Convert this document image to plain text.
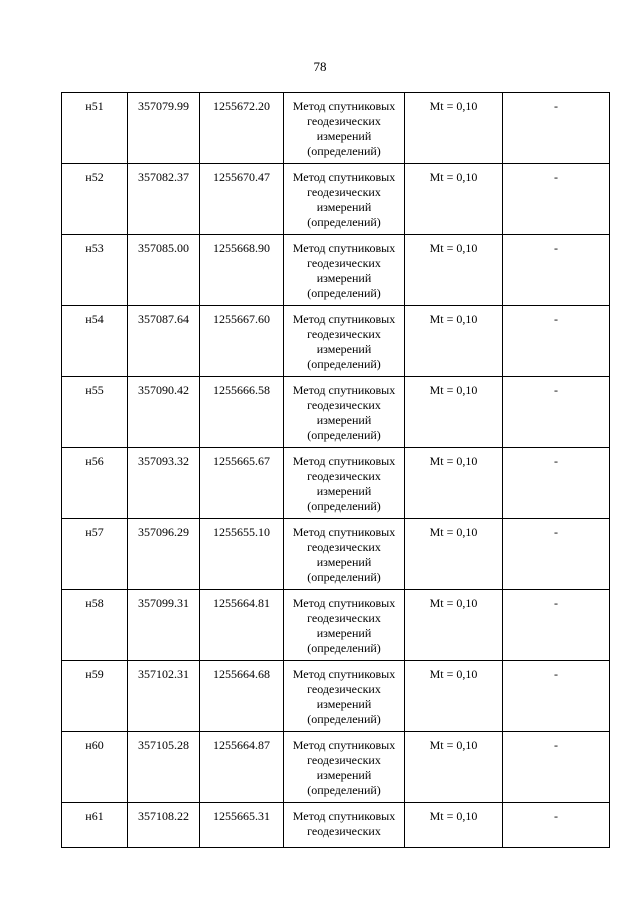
78
н51	357079.99	1255672.20	Метод спутниковых геодезических измерений (определений)	Mt = 0,10	-
н52	357082.37	1255670.47	Метод спутниковых геодезических измерений (определений)	Mt = 0,10	-
н53	357085.00	1255668.90	Метод спутниковых геодезических измерений (определений)	Mt = 0,10	-
н54	357087.64	1255667.60	Метод спутниковых геодезических измерений (определений)	Mt = 0,10	-
н55	357090.42	1255666.58	Метод спутниковых геодезических измерений (определений)	Mt = 0,10	-
н56	357093.32	1255665.67	Метод спутниковых геодезических измерений (определений)	Mt = 0,10	-
н57	357096.29	1255655.10	Метод спутниковых геодезических измерений (определений)	Mt = 0,10	-
н58	357099.31	1255664.81	Метод спутниковых геодезических измерений (определений)	Mt = 0,10	-
н59	357102.31	1255664.68	Метод спутниковых геодезических измерений (определений)	Mt = 0,10	-
н60	357105.28	1255664.87	Метод спутниковых геодезических измерений (определений)	Mt = 0,10	-
н61	357108.22	1255665.31	Метод спутниковых геодезических	Mt = 0,10	-
